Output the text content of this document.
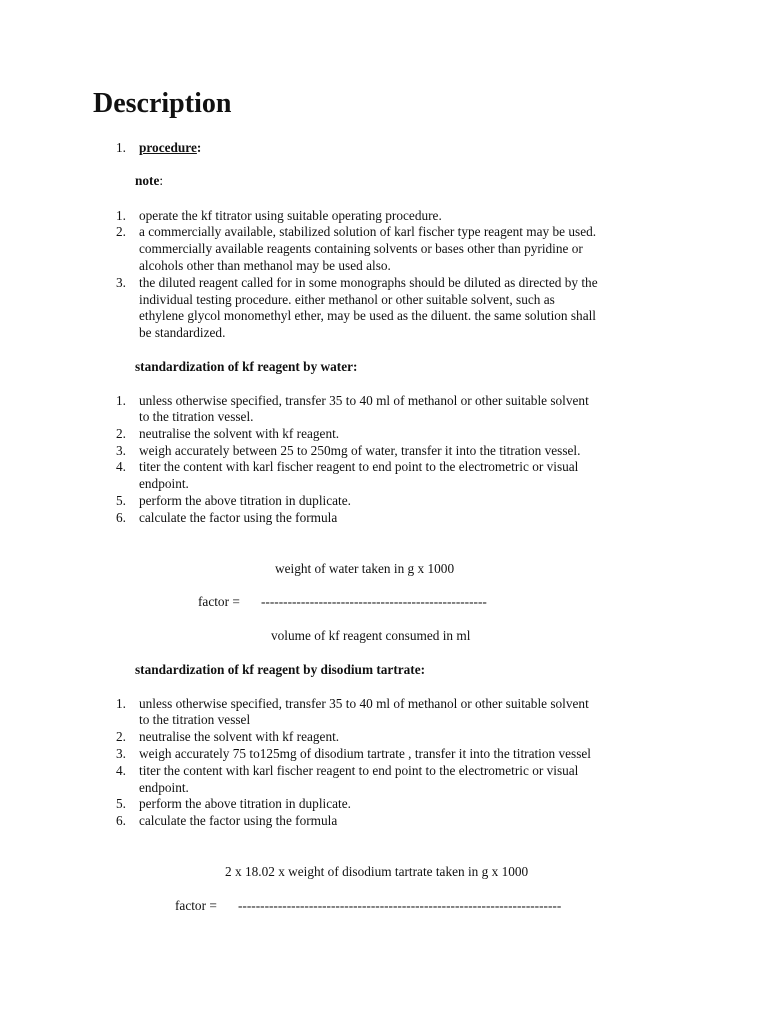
Description
1. procedure:
note:
1. operate the kf titrator using suitable operating procedure.
2. a commercially available, stabilized solution of karl fischer type reagent may be used.
commercially available reagents containing solvents or bases other than pyridine or
alcohols other than methanol may be used also.
3. the diluted reagent called for in some monographs should be diluted as directed by the
individual testing procedure. either methanol or other suitable solvent, such as
ethylene glycol monomethyl ether, may be used as the diluent. the same solution shall
be standardized.
standardization of kf reagent by water:
1. unless otherwise specified, transfer 35 to 40 ml of methanol or other suitable solvent
to the titration vessel.
2. neutralise the solvent with kf reagent.
3. weigh accurately between 25 to 250mg of water, transfer it into the titration vessel.
4. titer the content with karl fischer reagent to end point to the electrometric or visual
endpoint.
5. perform the above titration in duplicate.
6. calculate the factor using the formula
weight of water taken in g x 1000
factor = ---------------------------------------------------
volume of kf reagent consumed in ml
standardization of kf reagent by disodium tartrate:
1. unless otherwise specified, transfer 35 to 40 ml of methanol or other suitable solvent
to the titration vessel
2. neutralise the solvent with kf reagent.
3. weigh accurately 75 to125mg of disodium tartrate , transfer it into the titration vessel
4. titer the content with karl fischer reagent to end point to the electrometric or visual
endpoint.
5. perform the above titration in duplicate.
6. calculate the factor using the formula
2 x 18.02 x weight of disodium tartrate taken in g x 1000
factor = -------------------------------------------------------------------------
